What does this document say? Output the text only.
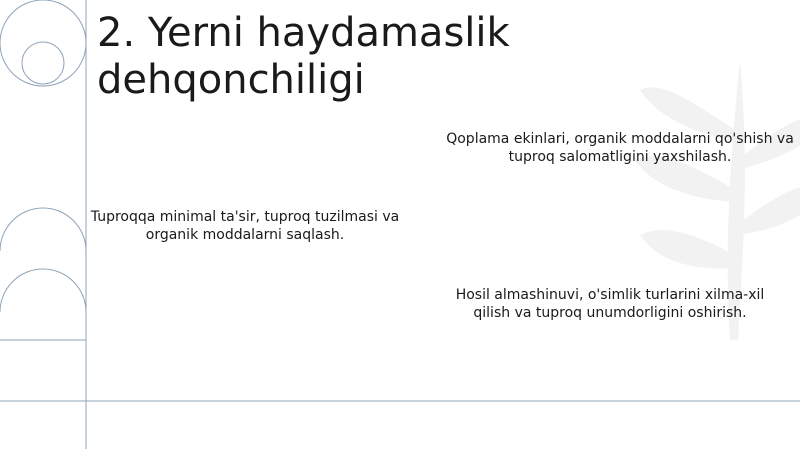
2. Yerni haydamaslik dehqonchiligi
Qoplama ekinlari, organik moddalarni qo'shish va tuproq salomatligini yaxshilash.
Tuproqqa minimal ta'sir, tuproq tuzilmasi va organik moddalarni saqlash.
Hosil almashinuvi, o'simlik turlarini xilma-xil qilish va tuproq unumdorligini oshirish.
